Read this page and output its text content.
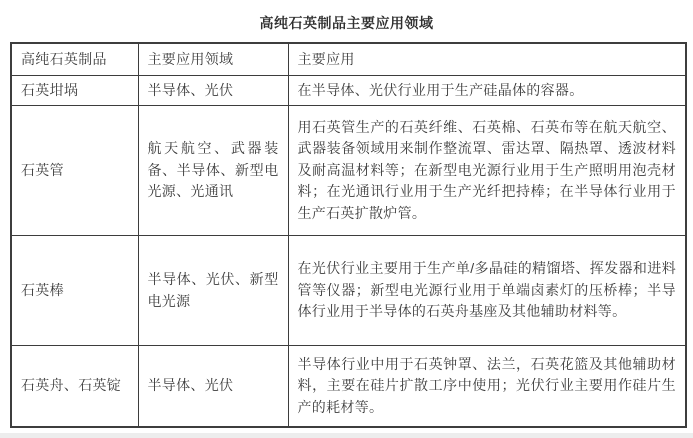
高纯石英制品主要应用领域
高纯石英制品	主要应用领域	主要应用
石英坩埚	半导体、光伏	在半导体、光伏行业用于生产硅晶体的容器。
石英管	航天航空、武器装备、半导体、新型电光源、光通讯	用石英管生产的石英纤维、石英棉、石英布等在航天航空、武器装备领域用来制作整流罩、雷达罩、隔热罩、透波材料及耐高温材料等；在新型电光源行业用于生产照明用泡壳材料；在光通讯行业用于生产光纤把持棒；在半导体行业用于生产石英扩散炉管。
石英棒	半导体、光伏、新型电光源	在光伏行业主要用于生产单/多晶硅的精馏塔、挥发器和进料管等仪器；新型电光源行业用于单端卤素灯的压桥棒；半导体行业用于半导体的石英舟基座及其他辅助材料等。
石英舟、石英锭	半导体、光伏	半导体行业中用于石英钟罩、法兰，石英花篮及其他辅助材料，主要在硅片扩散工序中使用；光伏行业主要用作硅片生产的耗材等。
